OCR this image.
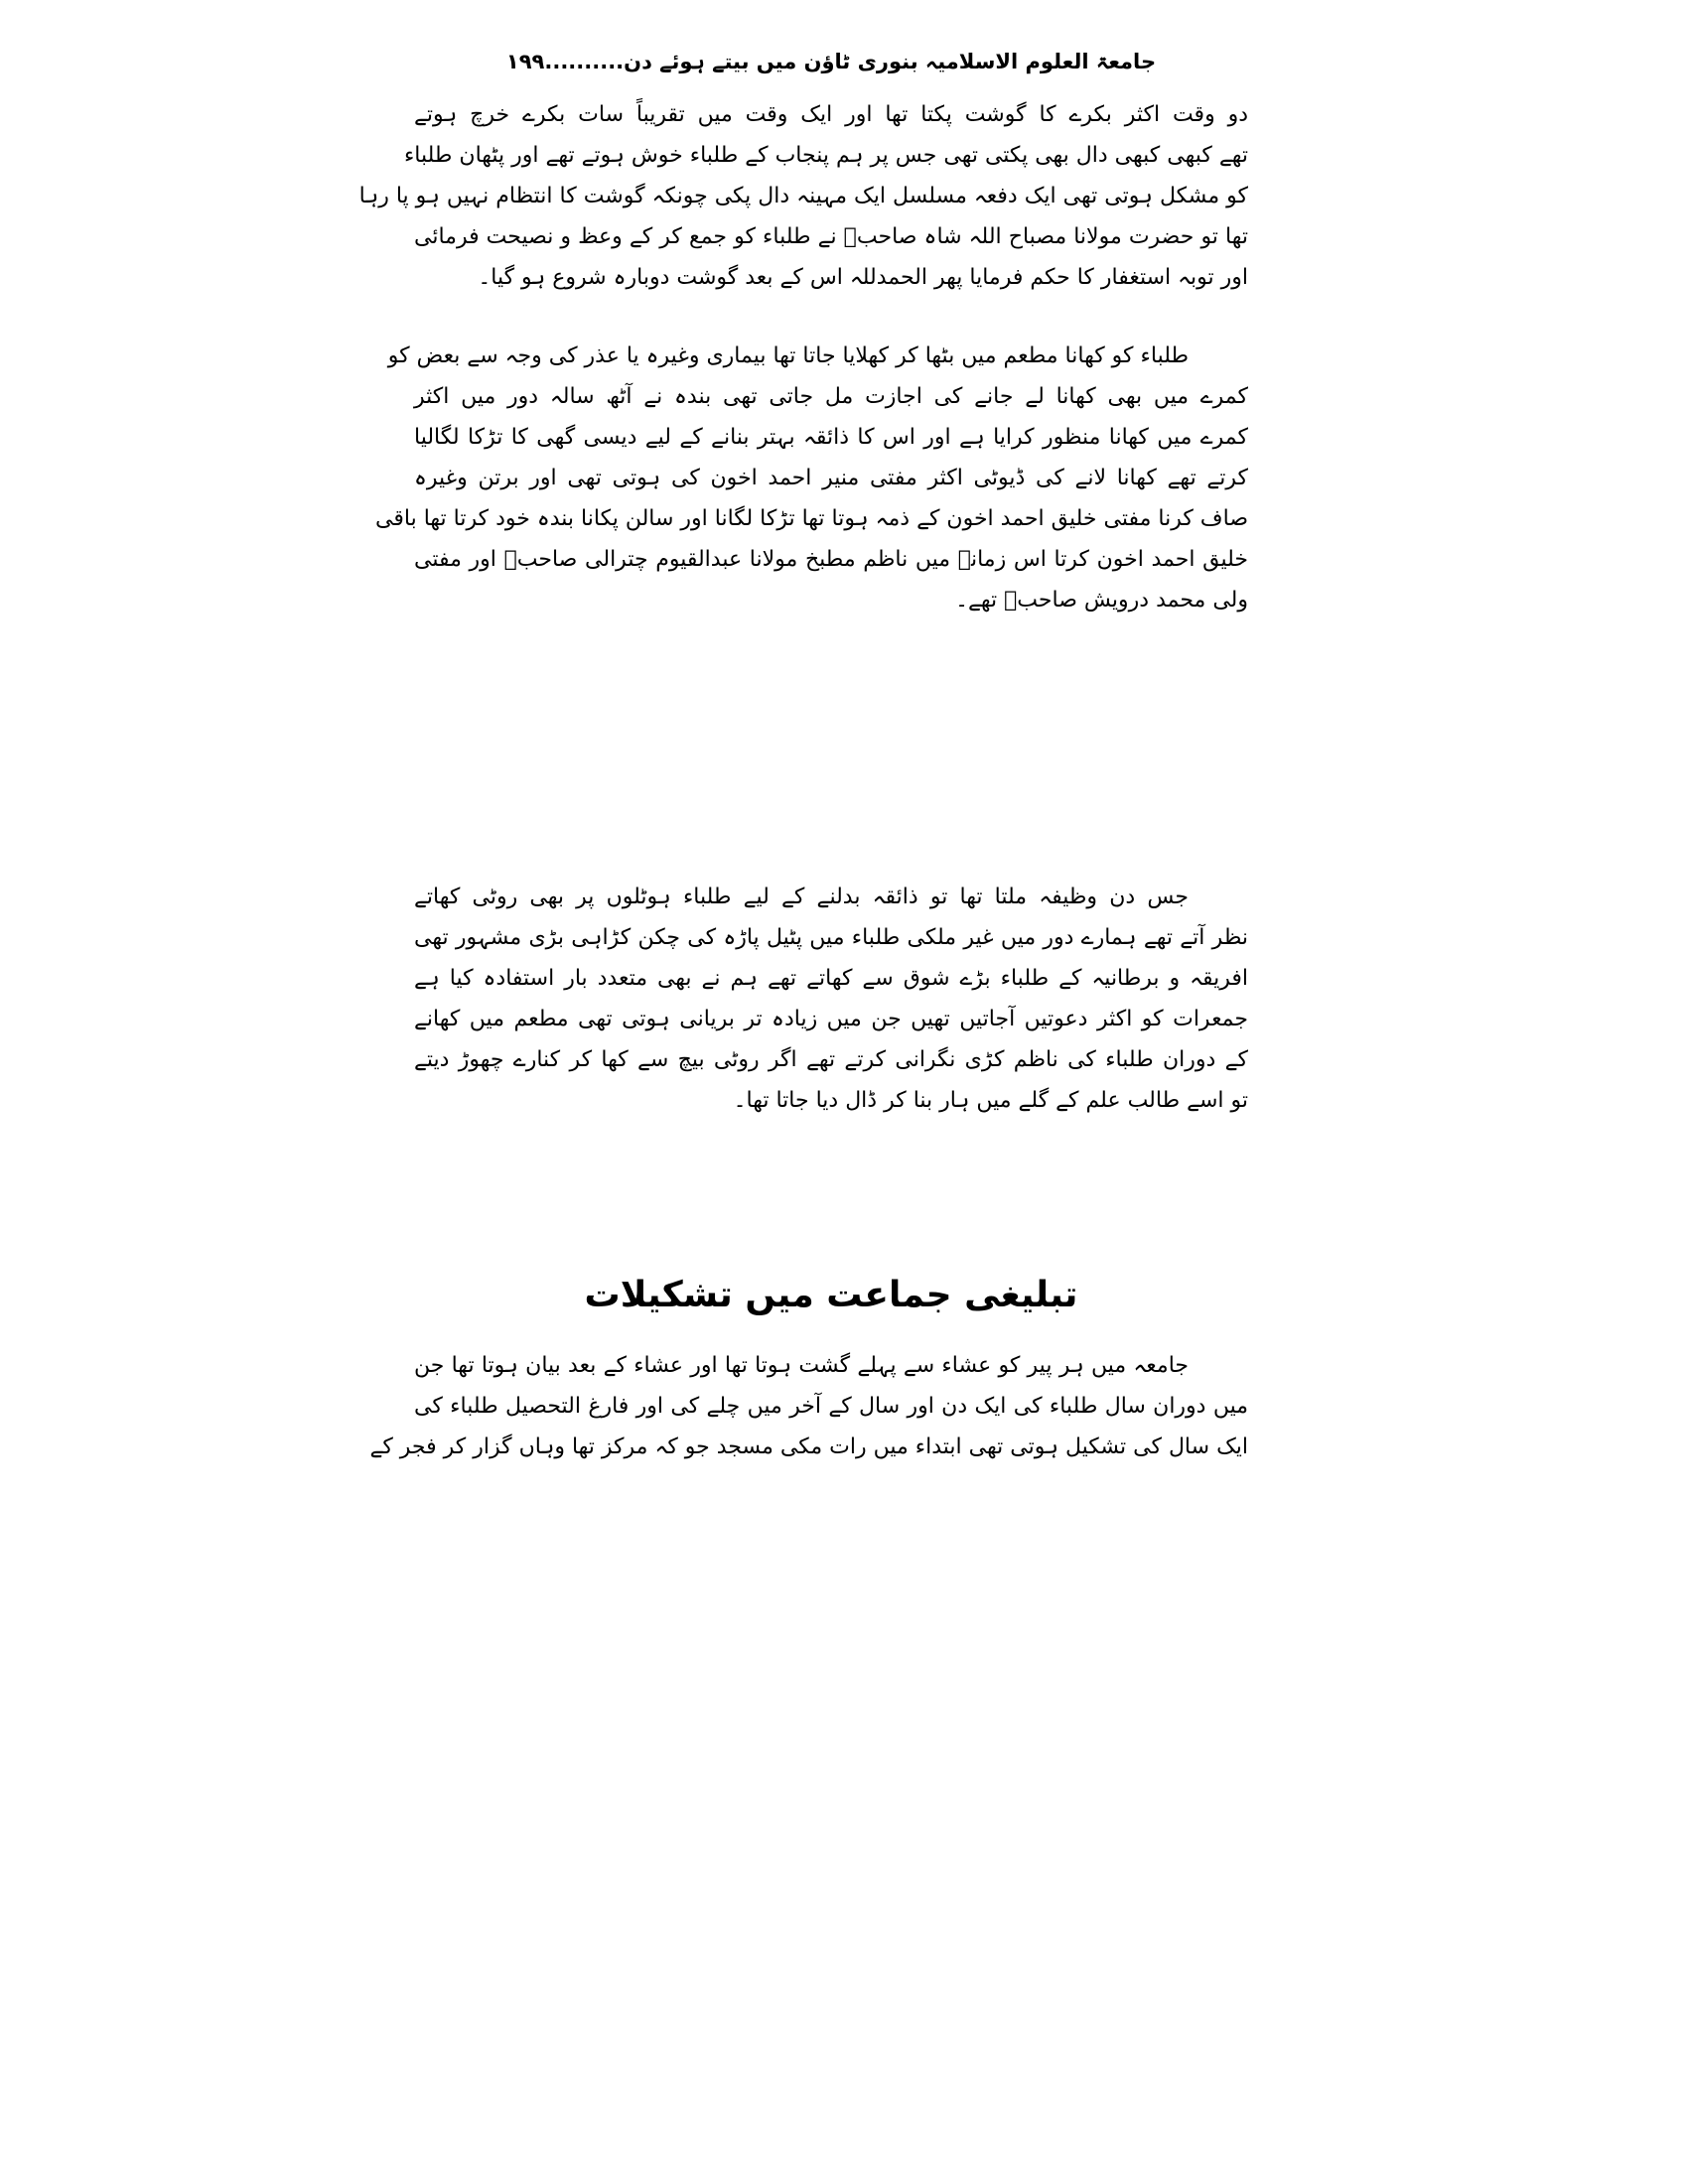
جامعۃ العلوم الاسلامیہ بنوری ٹاؤن میں بیتے ہوئے دن..........۱۹۹
دو وقت اکثر بکرے کا گوشت پکتا تھا اور ایک وقت میں تقریباً سات بکرے خرچ ہوتے
تھے کبھی کبھی دال بھی پکتی تھی جس پر ہم پنجاب کے طلباء خوش ہوتے تھے اور پٹھان طلباء
کو مشکل ہوتی تھی ایک دفعہ مسلسل ایک مہینہ دال پکی چونکہ گوشت کا انتظام نہیں ہو پا رہا
تھا تو حضرت مولانا مصباح اللہ شاہ صاحبؒ نے طلباء کو جمع کر کے وعظ و نصیحت فرمائی
اور توبہ استغفار کا حکم فرمایا پھر الحمدللہ اس کے بعد گوشت دوبارہ شروع ہو گیا۔
طلباء کو کھانا مطعم میں بٹھا کر کھلایا جاتا تھا بیماری وغیرہ یا عذر کی وجہ سے بعض کو
کمرے میں بھی کھانا لے جانے کی اجازت مل جاتی تھی بندہ نے آٹھ سالہ دور میں اکثر
کمرے میں کھانا منظور کرایا ہے اور اس کا ذائقہ بہتر بنانے کے لیے دیسی گھی کا تڑکا لگالیا
کرتے تھے کھانا لانے کی ڈیوٹی اکثر مفتی منیر احمد اخون کی ہوتی تھی اور برتن وغیرہ
صاف کرنا مفتی خلیق احمد اخون کے ذمہ ہوتا تھا تڑکا لگانا اور سالن پکانا بندہ خود کرتا تھا باقی
خلیق احمد اخون کرتا اس زمانے میں ناظم مطبخ مولانا عبدالقیوم چترالی صاحبؒ اور مفتی
ولی محمد درویش صاحبؒ تھے۔
جس دن وظیفہ ملتا تھا تو ذائقہ بدلنے کے لیے طلباء ہوٹلوں پر بھی روٹی کھاتے
نظر آتے تھے ہمارے دور میں غیر ملکی طلباء میں پٹیل پاڑہ کی چکن کڑاہی بڑی مشہور تھی
افریقہ و برطانیہ کے طلباء بڑے شوق سے کھاتے تھے ہم نے بھی متعدد بار استفادہ کیا ہے
جمعرات کو اکثر دعوتیں آجاتیں تھیں جن میں زیادہ تر بریانی ہوتی تھی مطعم میں کھانے
کے دوران طلباء کی ناظم کڑی نگرانی کرتے تھے اگر روٹی بیچ سے کھا کر کنارے چھوڑ دیتے
تو اسے طالب علم کے گلے میں ہار بنا کر ڈال دیا جاتا تھا۔
تبلیغی جماعت میں تشکیلات
جامعہ میں ہر پیر کو عشاء سے پہلے گشت ہوتا تھا اور عشاء کے بعد بیان ہوتا تھا جن
میں دوران سال طلباء کی ایک دن اور سال کے آخر میں چلے کی اور فارغ التحصیل طلباء کی
ایک سال کی تشکیل ہوتی تھی ابتداء میں رات مکی مسجد جو کہ مرکز تھا وہاں گزار کر فجر کے
